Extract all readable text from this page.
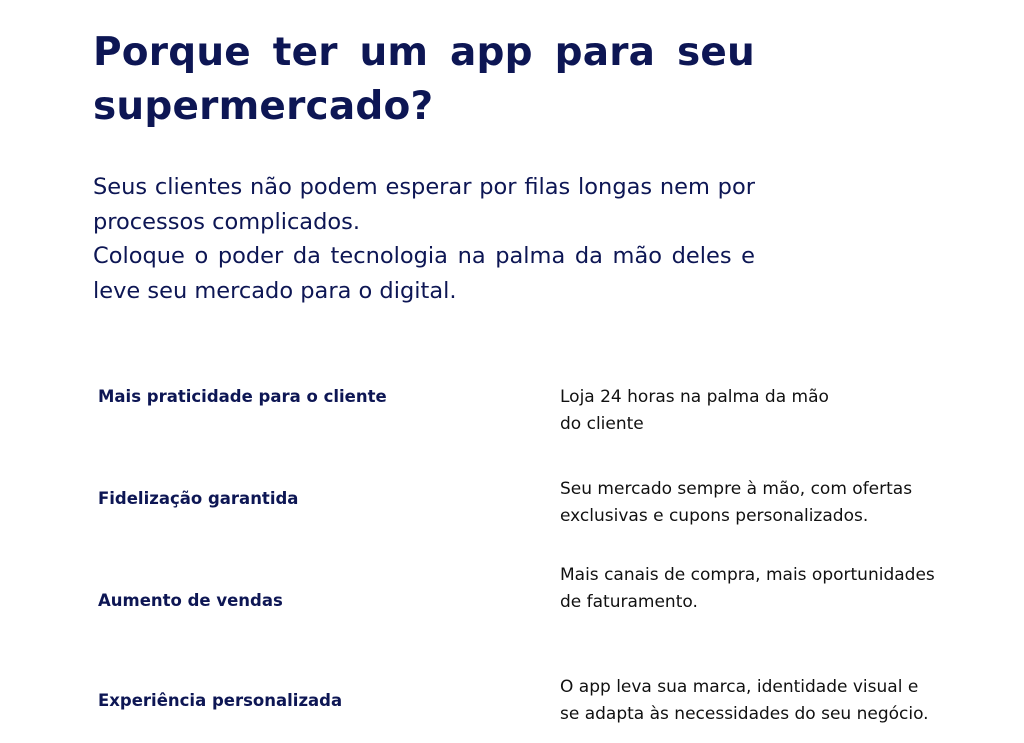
Porque ter um app para seu supermercado?

Seus clientes não podem esperar por filas longas nem por processos complicados.

Coloque o poder da tecnologia na palma da mão deles e leve seu mercado para o digital.

Mais praticidade para o cliente	Loja 24 horas na palma da mão
do cliente

Fidelização garantida	Seu mercado sempre à mão, com ofertas
exclusivas e cupons personalizados.

Aumento de vendas

Mais canais de compra, mais oportunidades
de faturamento.

Experiência personalizada

O app leva sua marca, identidade visual e
se adapta às necessidades do seu negócio.
